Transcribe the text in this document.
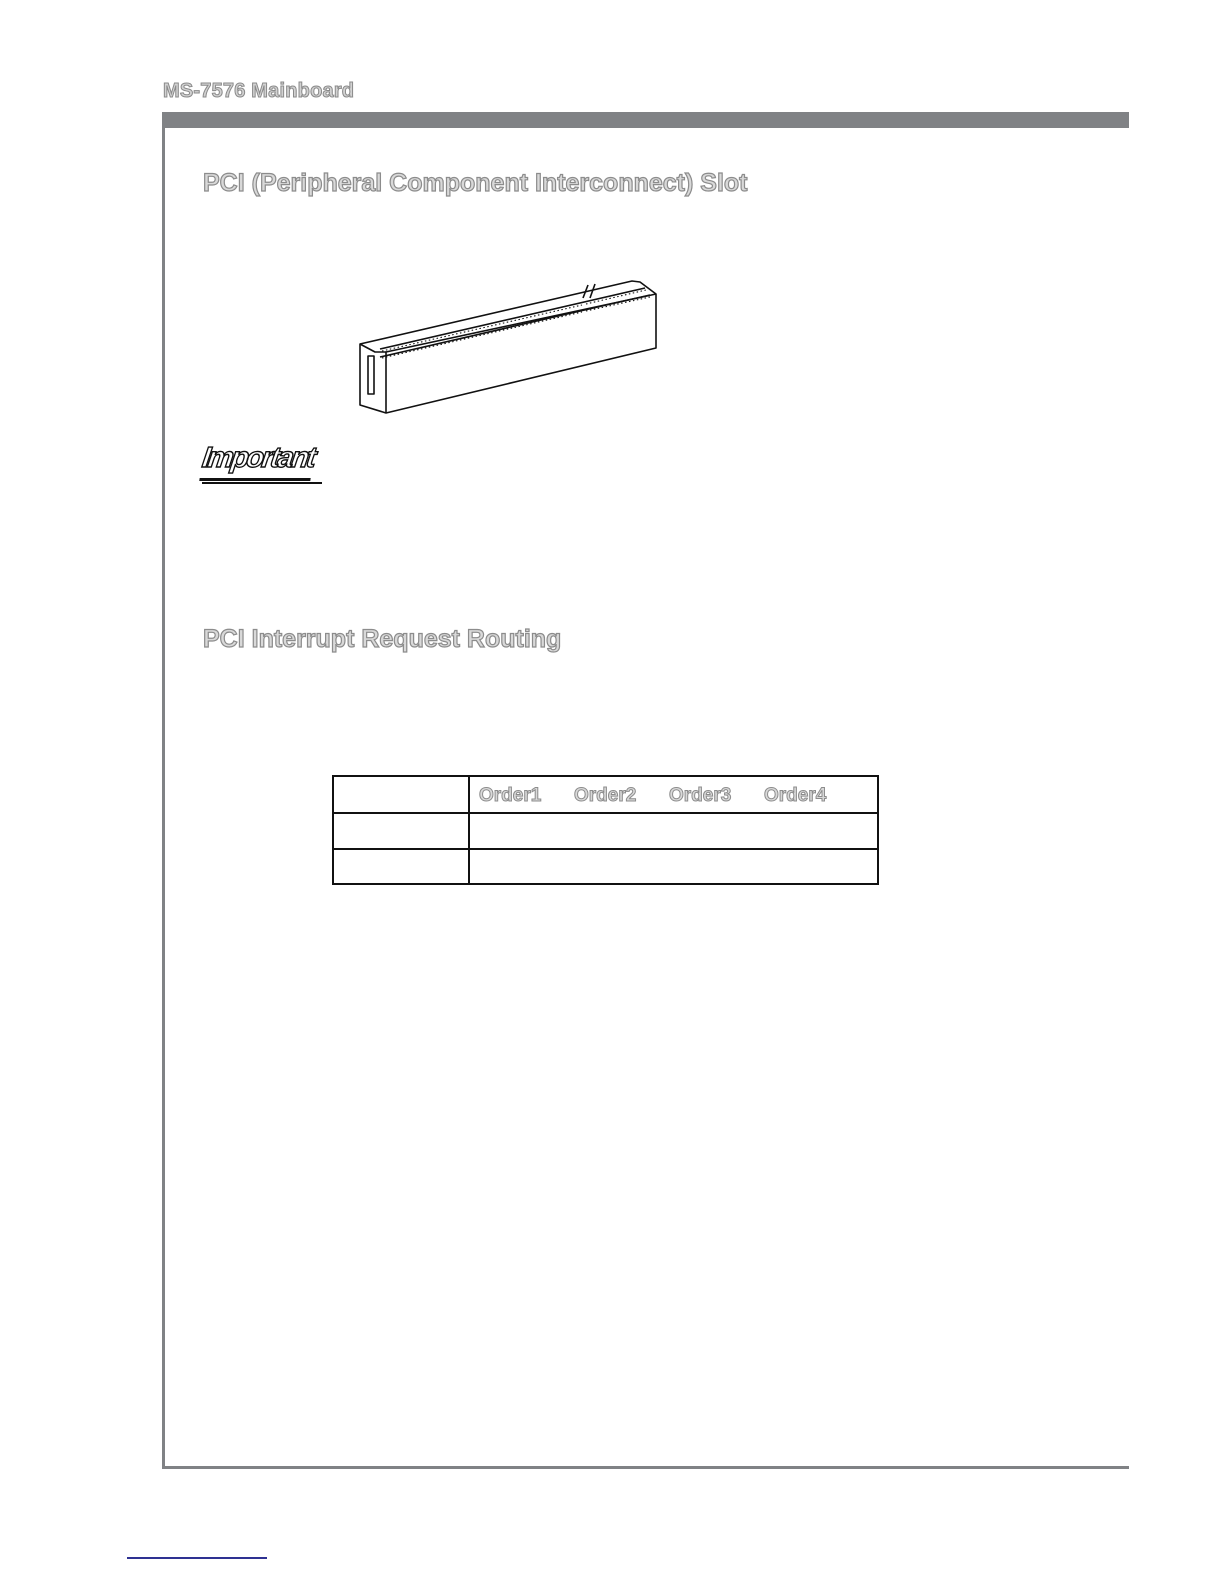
MS-7576 Mainboard
PCI (Peripheral Component Interconnect) Slot
Important
PCI Interrupt Request Routing
Order1 Order2 Order3 Order4
